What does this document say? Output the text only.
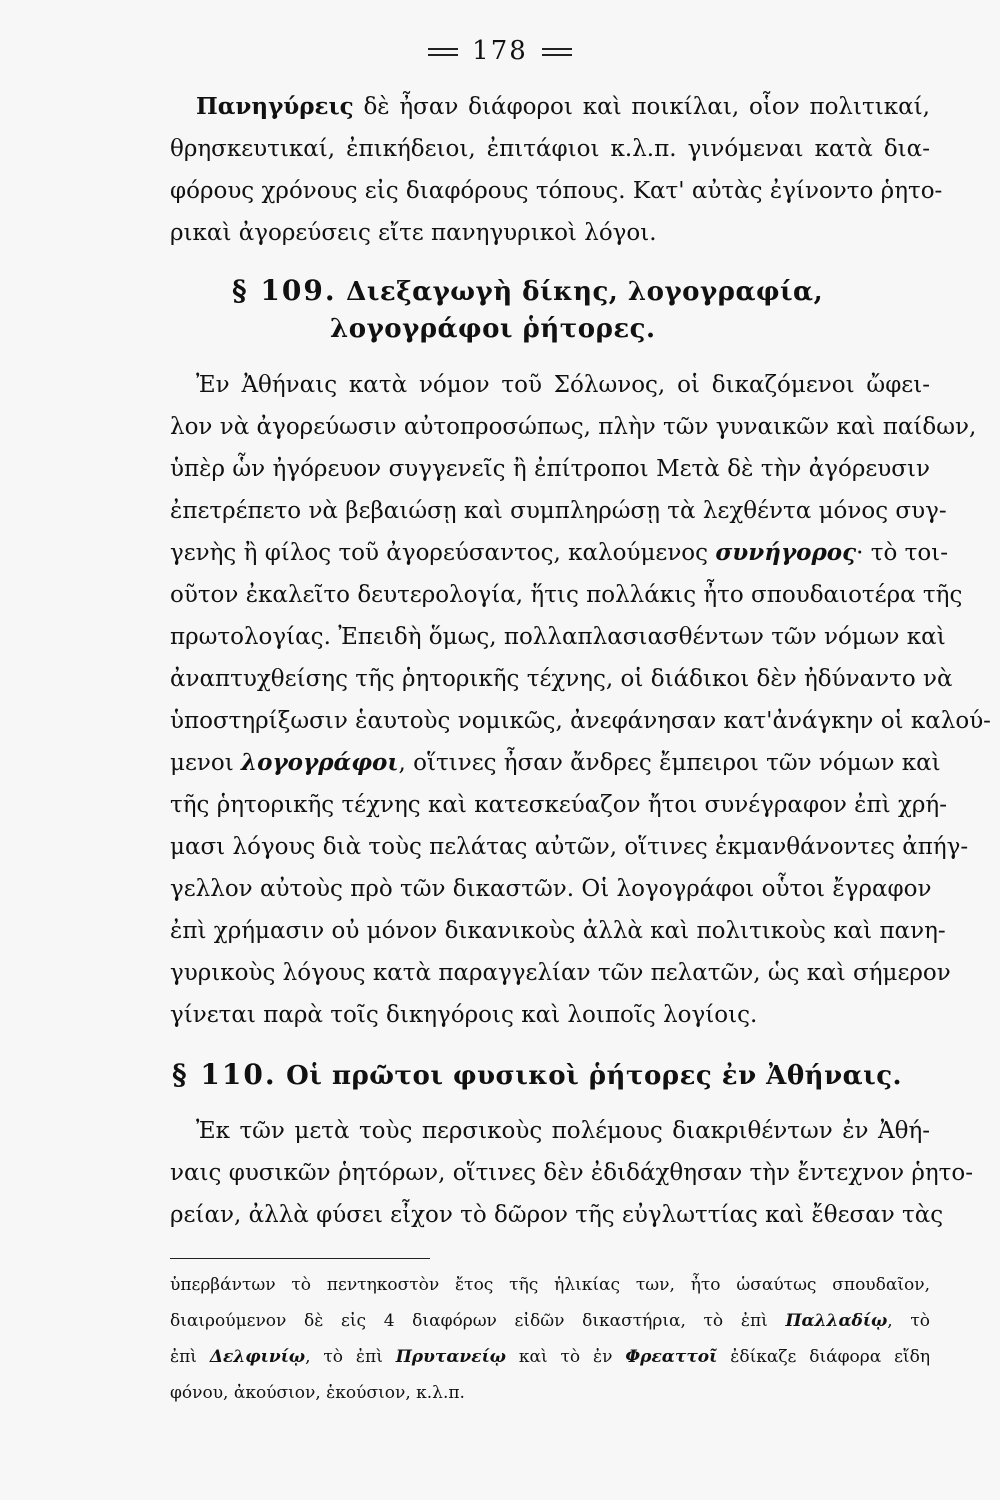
178
Πανηγύρεις δὲ ἦσαν διάφοροι καὶ ποικίλαι, οἷον πολιτικαί,
θρησκευτικαί, ἐπικήδειοι, ἐπιτάφιοι κ.λ.π. γινόμεναι κατὰ δια-
φόρους χρόνους εἰς διαφόρους τόπους. Κατ' αὐτὰς ἐγίνοντο ῥητο-
ρικαὶ ἀγορεύσεις εἴτε πανηγυρικοὶ λόγοι.
§ 109. Διεξαγωγὴ δίκης, λογογραφία,
λογογράφοι ῥήτορες.
Ἐν Ἀθήναις κατὰ νόμον τοῦ Σόλωνος, οἱ δικαζόμενοι ὤφει-
λον νὰ ἀγορεύωσιν αὐτοπροσώπως, πλὴν τῶν γυναικῶν καὶ παίδων,
ὑπὲρ ὧν ἠγόρευον συγγενεῖς ἢ ἐπίτροποι Μετὰ δὲ τὴν ἀγόρευσιν
ἐπετρέπετο νὰ βεβαιώσῃ καὶ συμπληρώσῃ τὰ λεχθέντα μόνος συγ-
γενὴς ἢ φίλος τοῦ ἀγορεύσαντος, καλούμενος συνήγορος· τὸ τοι-
οῦτον ἐκαλεῖτο δευτερολογία, ἥτις πολλάκις ἦτο σπουδαιοτέρα τῆς
πρωτολογίας. Ἐπειδὴ ὅμως, πολλαπλασιασθέντων τῶν νόμων καὶ
ἀναπτυχθείσης τῆς ῥητορικῆς τέχνης, οἱ διάδικοι δὲν ἠδύναντο νὰ
ὑποστηρίξωσιν ἑαυτοὺς νομικῶς, ἀνεφάνησαν κατ'ἀνάγκην οἱ καλού-
μενοι λογογράφοι, οἵτινες ἦσαν ἄνδρες ἔμπειροι τῶν νόμων καὶ
τῆς ῥητορικῆς τέχνης καὶ κατεσκεύαζον ἤτοι συνέγραφον ἐπὶ χρή-
μασι λόγους διὰ τοὺς πελάτας αὐτῶν, οἵτινες ἐκμανθάνοντες ἀπήγ-
γελλον αὐτοὺς πρὸ τῶν δικαστῶν. Οἱ λογογράφοι οὗτοι ἔγραφον
ἐπὶ χρήμασιν οὐ μόνον δικανικοὺς ἀλλὰ καὶ πολιτικοὺς καὶ πανη-
γυρικοὺς λόγους κατὰ παραγγελίαν τῶν πελατῶν, ὡς καὶ σήμερον
γίνεται παρὰ τοῖς δικηγόροις καὶ λοιποῖς λογίοις.
§ 110. Οἱ πρῶτοι φυσικοὶ ῥήτορες ἐν Ἀθήναις.
Ἐκ τῶν μετὰ τοὺς περσικοὺς πολέμους διακριθέντων ἐν Ἀθή-
ναις φυσικῶν ῥητόρων, οἵτινες δὲν ἐδιδάχθησαν τὴν ἔντεχνον ῥητο-
ρείαν, ἀλλὰ φύσει εἶχον τὸ δῶρον τῆς εὐγλωττίας καὶ ἔθεσαν τὰς
ὑπερβάντων τὸ πεντηκοστὸν ἔτος τῆς ἡλικίας των, ἦτο ὡσαύτως σπουδαῖον,
διαιρούμενον δὲ εἰς 4 διαφόρων εἰδῶν δικαστήρια, τὸ ἐπὶ Παλλαδίῳ, τὸ
ἐπὶ Δελφινίῳ, τὸ ἐπὶ Πρυτανείῳ καὶ τὸ ἐν Φρεαττοῖ ἐδίκαζε διάφορα εἴδη
φόνου, ἀκούσιον, ἑκούσιον, κ.λ.π.
